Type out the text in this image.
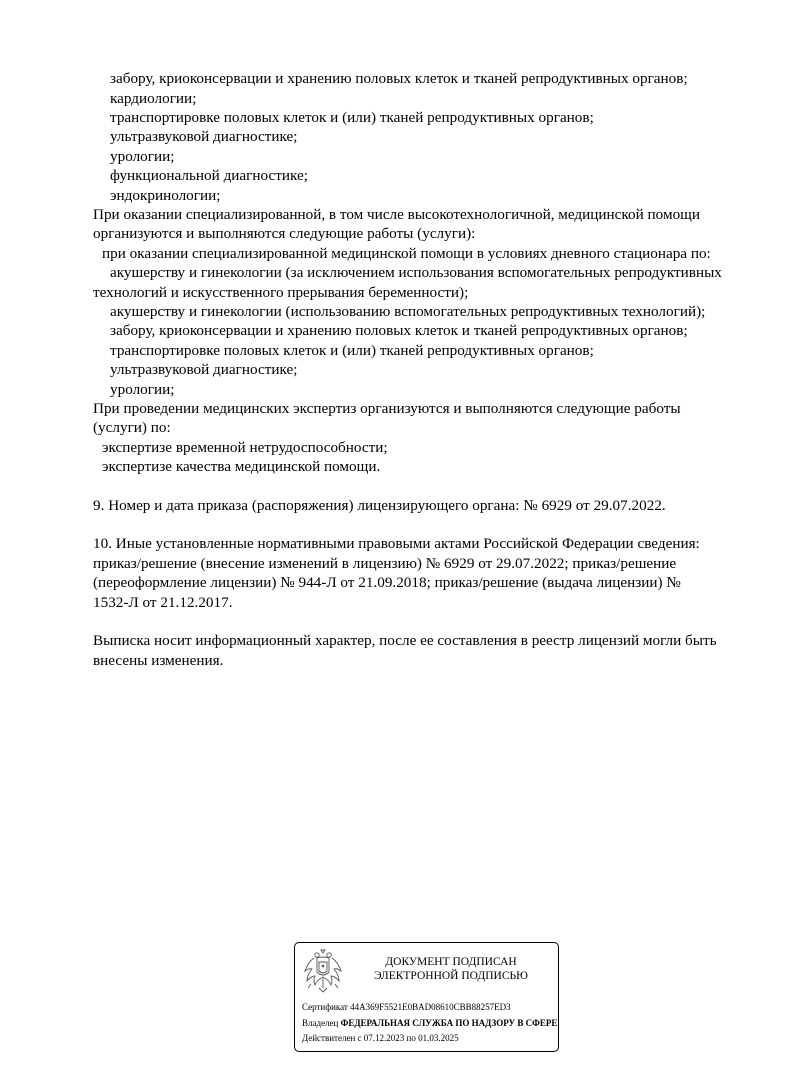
забору, криоконсервации и хранению половых клеток и тканей репродуктивных органов;
кардиологии;
транспортировке половых клеток и (или) тканей репродуктивных органов;
ультразвуковой диагностике;
урологии;
функциональной диагностике;
эндокринологии;
При оказании специализированной, в том числе высокотехнологичной, медицинской помощи
организуются и выполняются следующие работы (услуги):
при оказании специализированной медицинской помощи в условиях дневного стационара по:
акушерству и гинекологии (за исключением использования вспомогательных репродуктивных
технологий и искусственного прерывания беременности);
акушерству и гинекологии (использованию вспомогательных репродуктивных технологий);
забору, криоконсервации и хранению половых клеток и тканей репродуктивных органов;
транспортировке половых клеток и (или) тканей репродуктивных органов;
ультразвуковой диагностике;
урологии;
При проведении медицинских экспертиз организуются и выполняются следующие работы
(услуги) по:
экспертизе временной нетрудоспособности;
экспертизе качества медицинской помощи.
9. Номер и дата приказа (распоряжения) лицензирующего органа: № 6929 от 29.07.2022.
10. Иные установленные нормативными правовыми актами Российской Федерации сведения:
приказ/решение (внесение изменений в лицензию) № 6929 от 29.07.2022; приказ/решение
(переоформление лицензии) № 944-Л от 21.09.2018; приказ/решение (выдача лицензии) №
1532-Л от 21.12.2017.
Выписка носит информационный характер, после ее составления в реестр лицензий могли быть
внесены изменения.
ДОКУМЕНТ ПОДПИСАН
ЭЛЕКТРОННОЙ ПОДПИСЬЮ
Сертификат 44A369F5521E0BAD08610CBB88257ED3
Владелец ФЕДЕРАЛЬНАЯ СЛУЖБА ПО НАДЗОРУ В СФЕРЕ
Действителен с 07.12.2023 по 01.03.2025
